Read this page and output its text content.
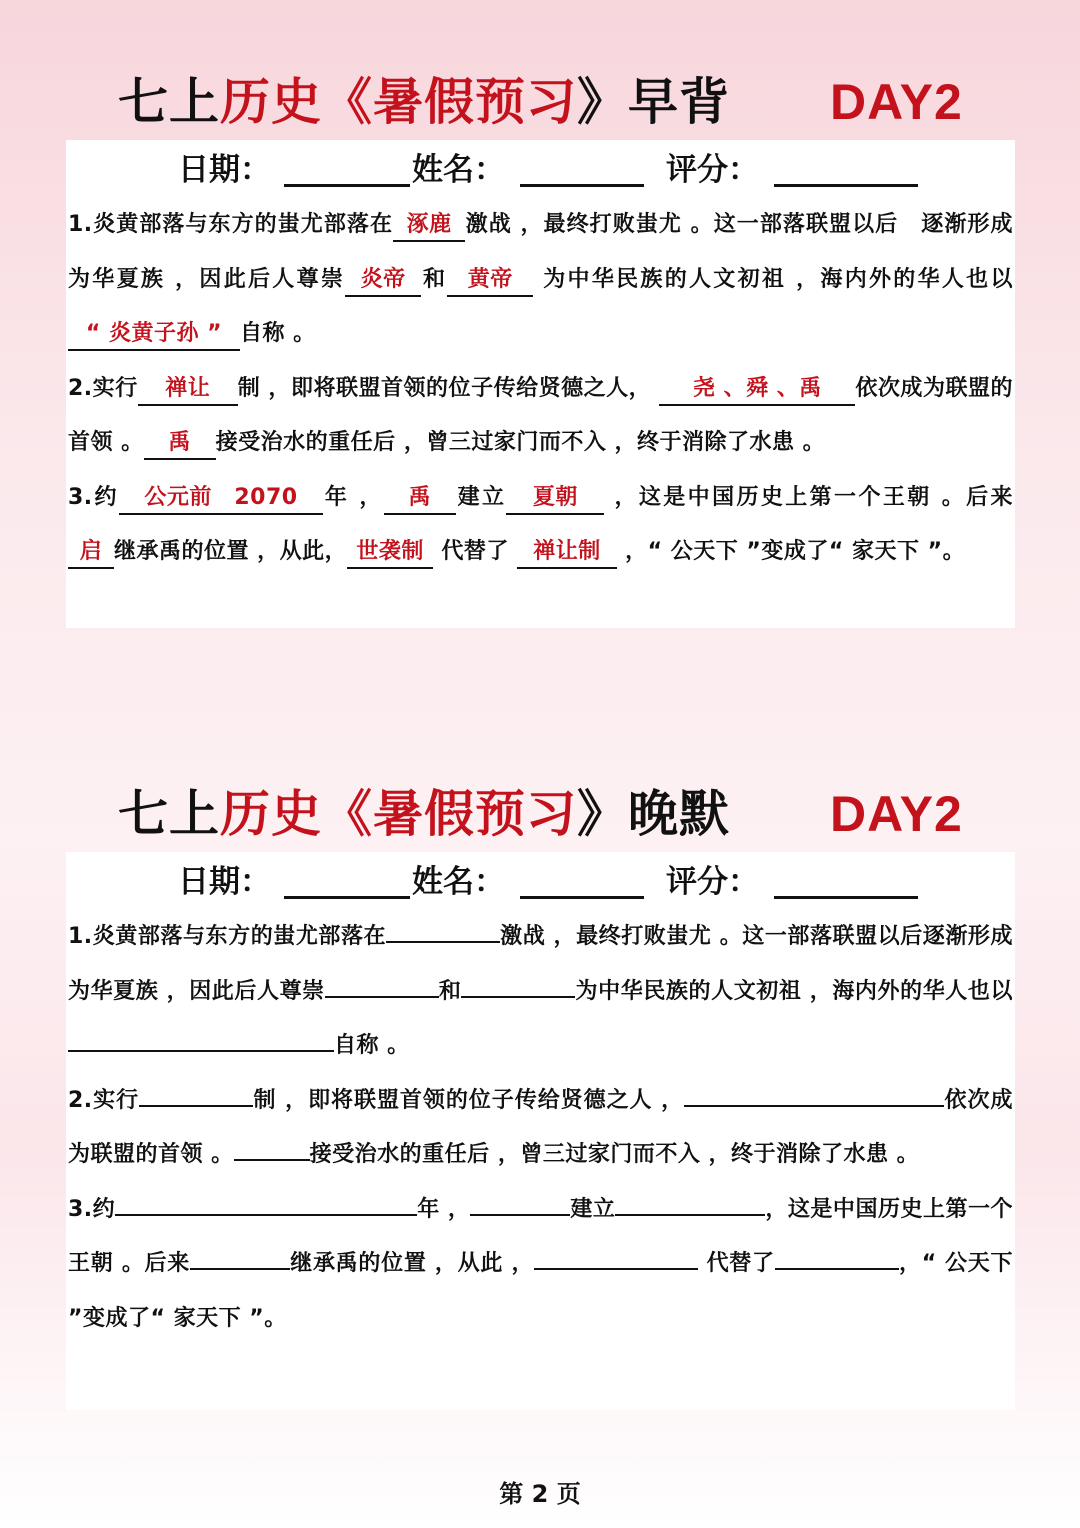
七上历史《暑假预习》早背 DAY2
日期：	姓名：	评分：

1.炎黄部落与东方的蚩尤部落在 涿鹿 激战 ，最终打败蚩尤 。这一部落联盟以后　逐渐形成为华夏族 ，因此后人尊崇 炎帝 和 黄帝 为中华民族的人文初祖 ，海内外的华人也以 “ 炎黄子孙 ” 自称 。

2.实行 禅让 制 ，即将联盟首领的位子传给贤德之人， 尧 、舜 、禹 依次成为联盟的首领 。 禹 接受治水的重任后 ，曾三过家门而不入 ，终于消除了水患 。

3.约 公元前　2070 年 ， 禹 建立 夏朝 ，这是中国历史上第一个王朝 。后来 启 继承禹的位置 ，从此， 世袭制 代替了 禅让制 ，“ 公天下 ”变成了“ 家天下 ”。

七上历史《暑假预习》晚默 DAY2
日期：	姓名：	评分：

1.炎黄部落与东方的蚩尤部落在	激战 ，最终打败蚩尤 。这一部落联盟以后逐渐形成为华夏族 ，因此后人尊崇	和	为中华民族的人文初祖 ，海内外的华人也以自称 。

2.实行	制 ，即将联盟首领的位子传给贤德之人 ，	依次成为联盟的首领 。	接受治水的重任后 ，曾三过家门而不入 ，终于消除了水患 。

3.约	年 ，	建立	，这是中国历史上第一个王朝 。后来	继承禹的位置 ，从此 ，	代替了	，“ 公天下 ”变成了“ 家天下 ”。

第 2 页
